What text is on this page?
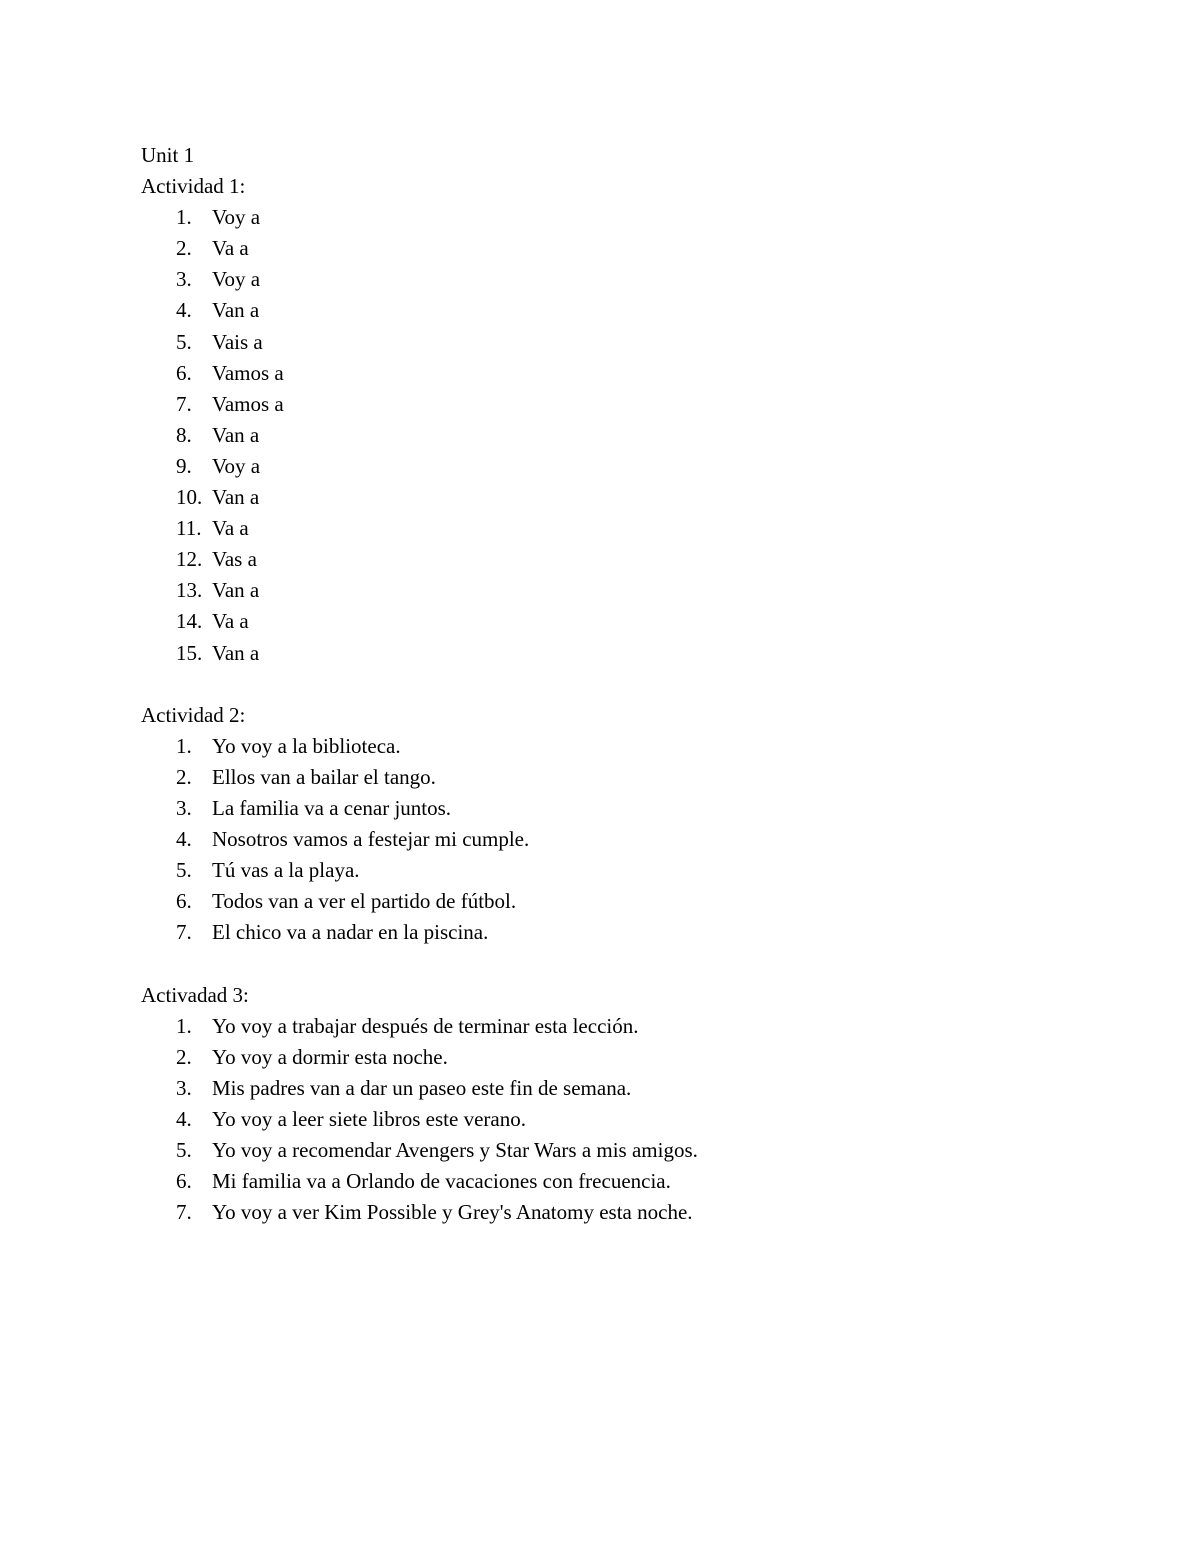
Unit 1
Actividad 1:
1. Voy a
2. Va a
3. Voy a
4. Van a
5. Vais a
6. Vamos a
7. Vamos a
8. Van a
9. Voy a
10. Van a
11. Va a
12. Vas a
13. Van a
14. Va a
15. Van a
Actividad 2:
1. Yo voy a la biblioteca.
2. Ellos van a bailar el tango.
3. La familia va a cenar juntos.
4. Nosotros vamos a festejar mi cumple.
5. Tú vas a la playa.
6. Todos van a ver el partido de fútbol.
7. El chico va a nadar en la piscina.
Activadad 3:
1. Yo voy a trabajar después de terminar esta lección.
2. Yo voy a dormir esta noche.
3. Mis padres van a dar un paseo este fin de semana.
4. Yo voy a leer siete libros este verano.
5. Yo voy a recomendar Avengers y Star Wars a mis amigos.
6. Mi familia va a Orlando de vacaciones con frecuencia.
7. Yo voy a ver Kim Possible y Grey's Anatomy esta noche.
